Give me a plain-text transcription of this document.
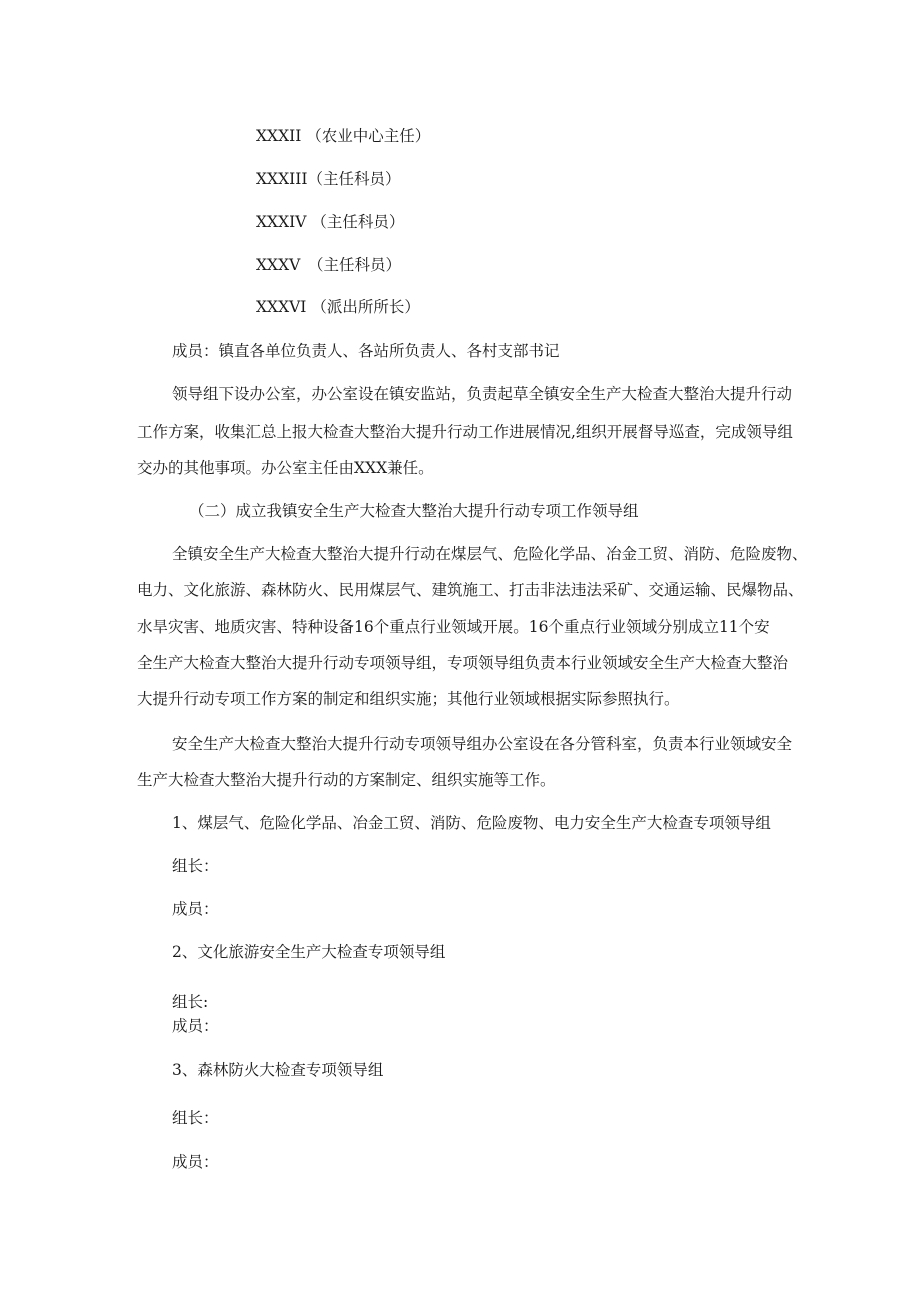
XXXII （农业中心主任）

XXXIII（主任科员）

XXXIV （主任科员）

XXXV　（主任科员）

XXXVI （派出所所长）

成员：镇直各单位负责人、各站所负责人、各村支部书记

领导组下设办公室，办公室设在镇安监站，负责起草全镇安全生产大检查大整治大提升行动

工作方案，收集汇总上报大检查大整治大提升行动工作进展情况,组织开展督导巡查，完成领导组

交办的其他事项。办公室主任由XXX兼任。

（二）成立我镇安全生产大检查大整治大提升行动专项工作领导组

全镇安全生产大检查大整治大提升行动在煤层气、危险化学品、冶金工贸、消防、危险废物、

电力、文化旅游、森林防火、民用煤层气、建筑施工、打击非法违法采矿、交通运输、民爆物品、

水旱灾害、地质灾害、特种设备16个重点行业领域开展。16个重点行业领域分别成立11个安

全生产大检查大整治大提升行动专项领导组，专项领导组负责本行业领域安全生产大检查大整治

大提升行动专项工作方案的制定和组织实施；其他行业领域根据实际参照执行。

安全生产大检查大整治大提升行动专项领导组办公室设在各分管科室，负责本行业领域安全

生产大检查大整治大提升行动的方案制定、组织实施等工作。

1、煤层气、危险化学品、冶金工贸、消防、危险废物、电力安全生产大检查专项领导组

组长：

成员：

2、文化旅游安全生产大检查专项领导组

组长:

成员：

3、森林防火大检查专项领导组

组长：

成员：
